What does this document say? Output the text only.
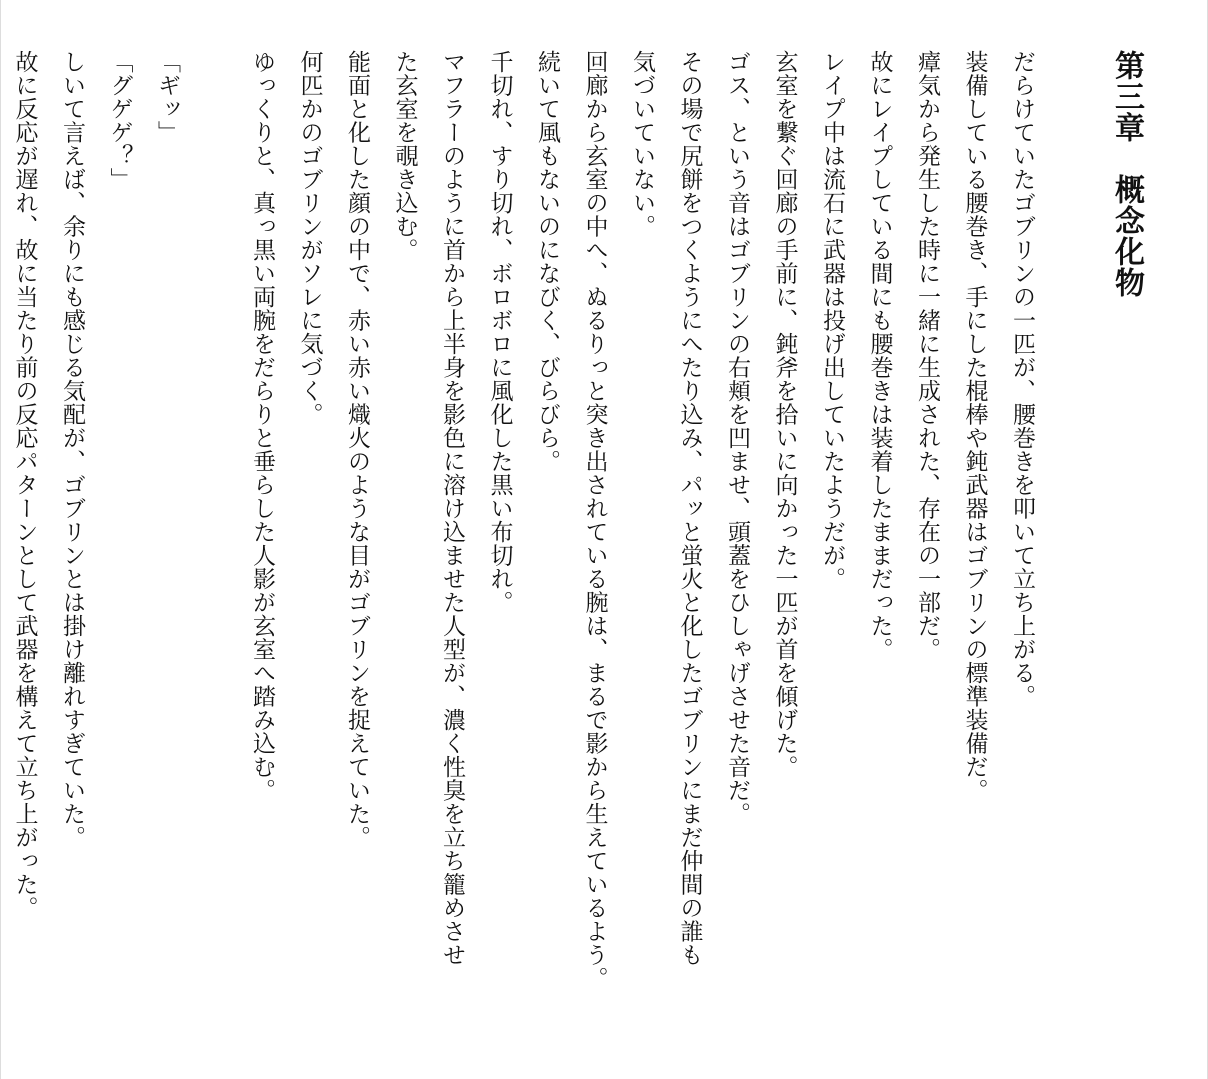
第三章　概念化物
だらけていたゴブリンの一匹が、腰巻きを叩いて立ち上がる。
装備している腰巻き、手にした棍棒や鈍武器はゴブリンの標準装備だ。
瘴気から発生した時に一緒に生成された、存在の一部だ。
故にレイプしている間にも腰巻きは装着したままだった。
レイプ中は流石に武器は投げ出していたようだが。
玄室を繋ぐ回廊の手前に、鈍斧を拾いに向かった一匹が首を傾げた。
ゴス、という音はゴブリンの右頬を凹ませ、頭蓋をひしゃげさせた音だ。
その場で尻餅をつくようにへたり込み、パッと蛍火と化したゴブリンにまだ仲間の誰も
気づいていない。
回廊から玄室の中へ、ぬるりっと突き出されている腕は、まるで影から生えているよう。
続いて風もないのになびく、びらびら。
千切れ、すり切れ、ボロボロに風化した黒い布切れ。
マフラーのように首から上半身を影色に溶け込ませた人型が、濃く性臭を立ち籠めさせ
た玄室を覗き込む。
能面と化した顔の中で、赤い赤い熾火のような目がゴブリンを捉えていた。
何匹かのゴブリンがソレに気づく。
ゆっくりと、真っ黒い両腕をだらりと垂らした人影が玄室へ踏み込む。
「ギッ」
「グゲゲ？」
しいて言えば、余りにも感じる気配が、ゴブリンとは掛け離れすぎていた。
故に反応が遅れ、故に当たり前の反応パターンとして武器を構えて立ち上がった。
